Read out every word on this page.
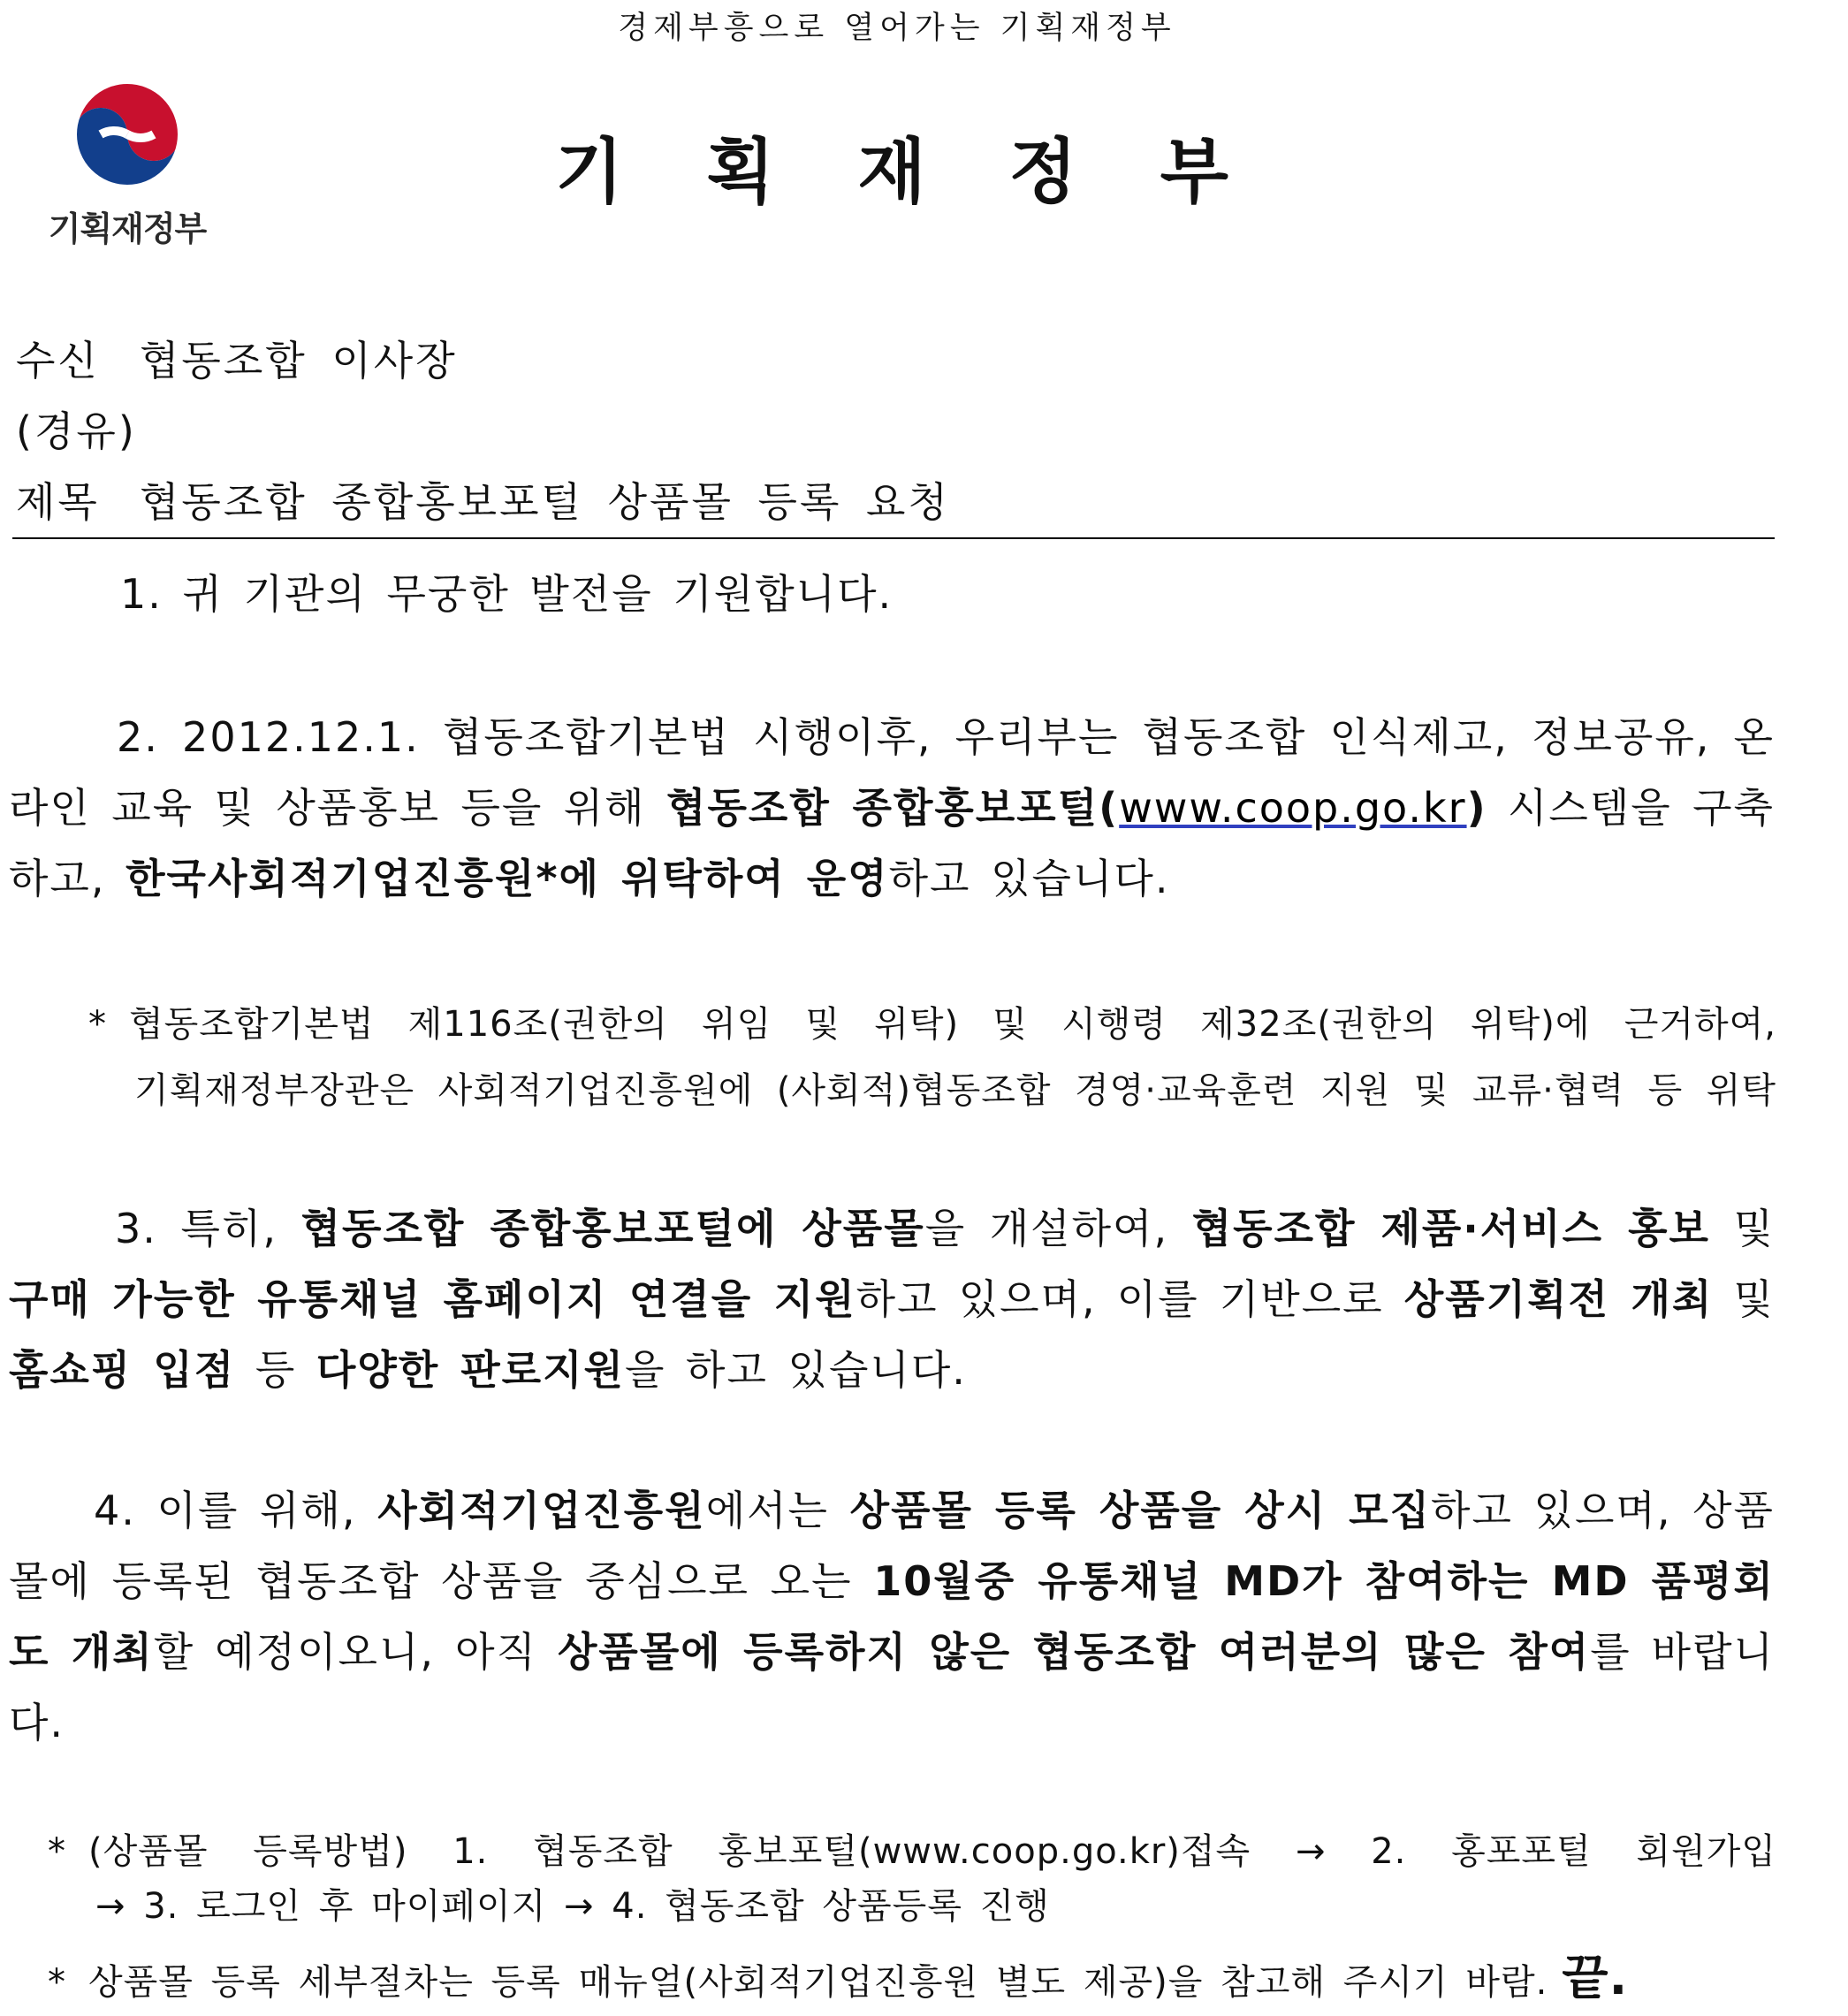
경제부흥으로 열어가는 기획재정부
기획재정부
기 획 재 정 부
수신 협동조합 이사장
(경유)
제목 협동조합 종합홍보포털 상품몰 등록 요청
1. 귀 기관의 무궁한 발전을 기원합니다.
2. 2012.12.1. 협동조합기본법 시행이후, 우리부는 협동조합 인식제고, 정보공유, 온라인 교육 및 상품홍보 등을 위해 협동조합 종합홍보포털(www.coop.go.kr) 시스템을 구축하고, 한국사회적기업진흥원*에 위탁하여 운영하고 있습니다.
* 협동조합기본법 제116조(권한의 위임 및 위탁) 및 시행령 제32조(권한의 위탁)에 근거하여,
기획재정부장관은 사회적기업진흥원에 (사회적)협동조합 경영·교육훈련 지원 및 교류·협력 등 위탁
3. 특히, 협동조합 종합홍보포털에 상품몰을 개설하여, 협동조합 제품·서비스 홍보 및 구매 가능한 유통채널 홈페이지 연결을 지원하고 있으며, 이를 기반으로 상품기획전 개최 및 홈쇼핑 입점 등 다양한 판로지원을 하고 있습니다.
4. 이를 위해, 사회적기업진흥원에서는 상품몰 등록 상품을 상시 모집하고 있으며, 상품몰에 등록된 협동조합 상품을 중심으로 오는 10월중 유통채널 MD가 참여하는 MD 품평회도 개최할 예정이오니, 아직 상품몰에 등록하지 않은 협동조합 여러분의 많은 참여를 바랍니다.
* (상품몰 등록방법) 1. 협동조합 홍보포털(www.coop.go.kr)접속 → 2. 홍포포털 회원가입
→ 3. 로그인 후 마이페이지 → 4. 협동조합 상품등록 진행
* 상품몰 등록 세부절차는 등록 매뉴얼(사회적기업진흥원 별도 제공)을 참고해 주시기 바람. 끝.
